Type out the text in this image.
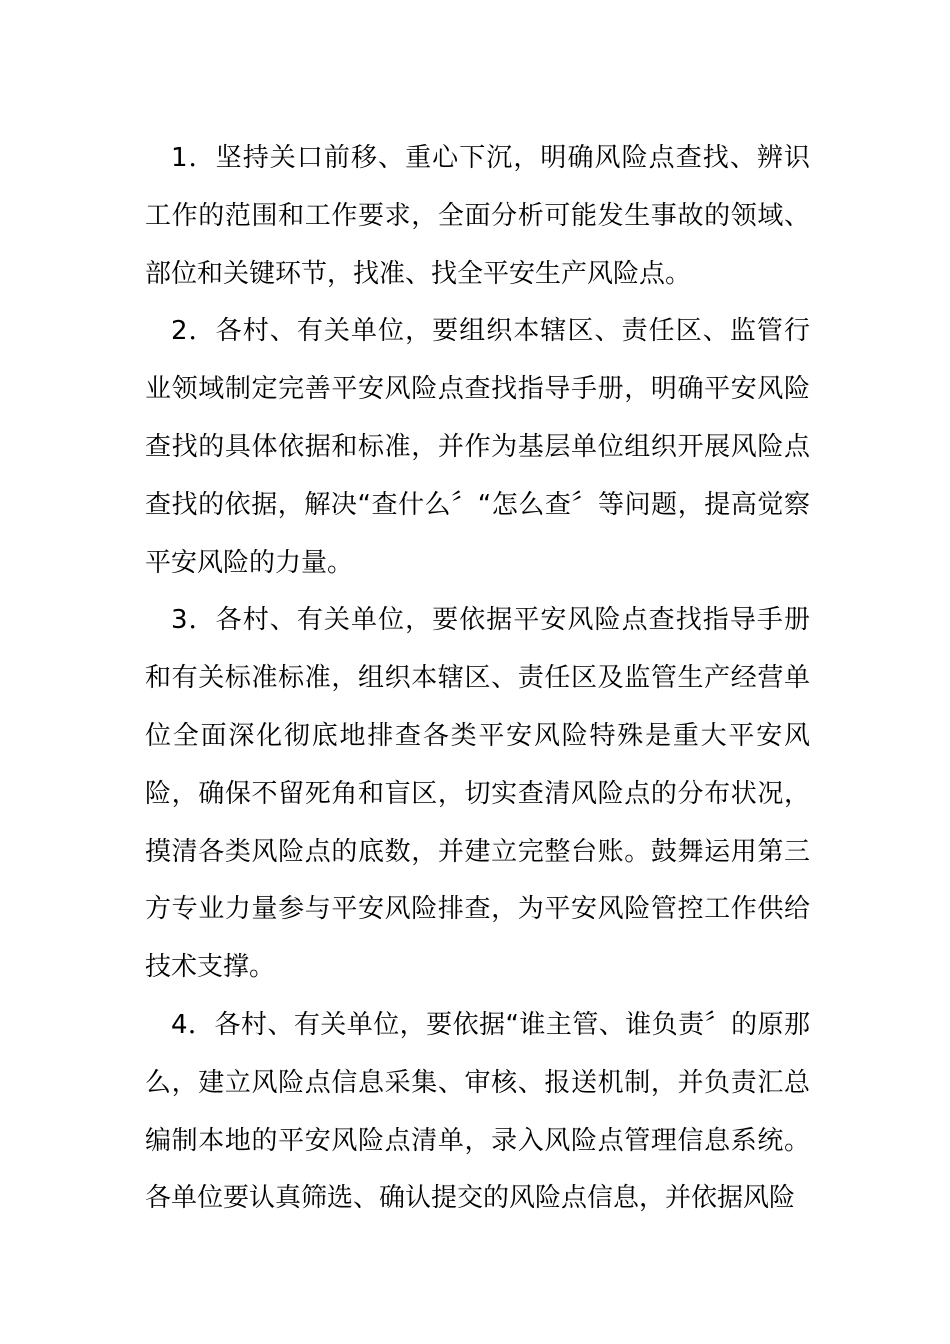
1．坚持关口前移、重心下沉，明确风险点查找、辨识工作的范围和工作要求，全面分析可能发生事故的领域、部位和关键环节，找准、找全平安生产风险点。

2．各村、有关单位，要组织本辖区、责任区、监管行业领域制定完善平安风险点查找指导手册，明确平安风险查找的具体依据和标准，并作为基层单位组织开展风险点查找的依据，解决“查什么〞“怎么查〞等问题，提高觉察平安风险的力量。

3．各村、有关单位，要依据平安风险点查找指导手册和有关标准标准，组织本辖区、责任区及监管生产经营单位全面深化彻底地排查各类平安风险特殊是重大平安风险，确保不留死角和盲区，切实查清风险点的分布状况，摸清各类风险点的底数，并建立完整台账。鼓舞运用第三方专业力量参与平安风险排查，为平安风险管控工作供给技术支撑。

4．各村、有关单位，要依据“谁主管、谁负责〞的原那么，建立风险点信息采集、审核、报送机制，并负责汇总编制本地的平安风险点清单，录入风险点管理信息系统。各单位要认真筛选、确认提交的风险点信息，并依据风险
